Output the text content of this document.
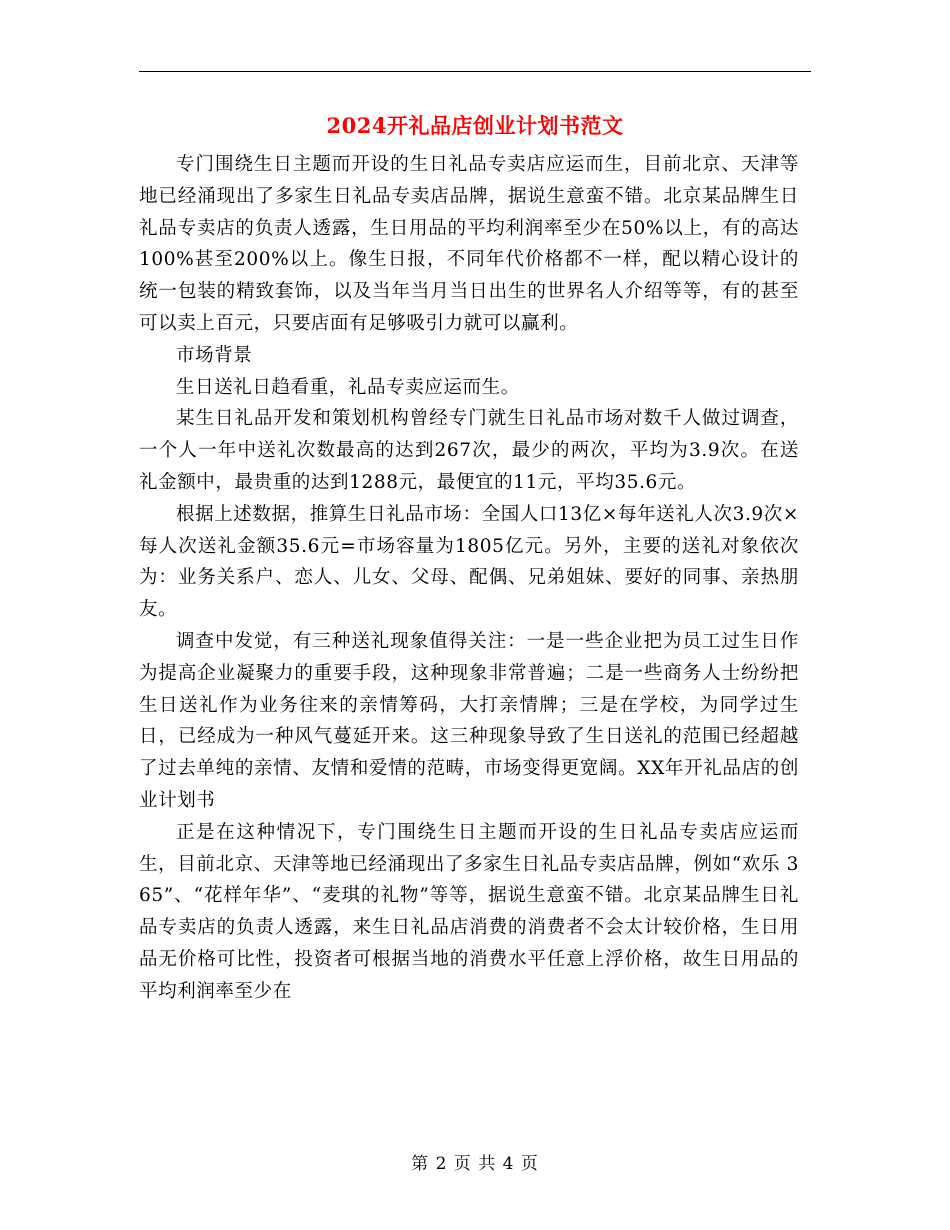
2024开礼品店创业计划书范文

专门围绕生日主题而开设的生日礼品专卖店应运而生，目前北京、天津等地已经涌现出了多家生日礼品专卖店品牌，据说生意蛮不错。北京某品牌生日礼品专卖店的负责人透露，生日用品的平均利润率至少在50%以上，有的高达100%甚至200%以上。像生日报，不同年代价格都不一样，配以精心设计的统一包装的精致套饰，以及当年当月当日出生的世界名人介绍等等，有的甚至可以卖上百元，只要店面有足够吸引力就可以赢利。

市场背景

生日送礼日趋看重，礼品专卖应运而生。

某生日礼品开发和策划机构曾经专门就生日礼品市场对数千人做过调查，一个人一年中送礼次数最高的达到267次，最少的两次，平均为3.9次。在送礼金额中，最贵重的达到1288元，最便宜的11元，平均35.6元。

根据上述数据，推算生日礼品市场：全国人口13亿×每年送礼人次3.9次×每人次送礼金额35.6元=市场容量为1805亿元。另外，主要的送礼对象依次为：业务关系户、恋人、儿女、父母、配偶、兄弟姐妹、要好的同事、亲热朋友。

调查中发觉，有三种送礼现象值得关注：一是一些企业把为员工过生日作为提高企业凝聚力的重要手段，这种现象非常普遍；二是一些商务人士纷纷把生日送礼作为业务往来的亲情筹码，大打亲情牌；三是在学校，为同学过生日，已经成为一种风气蔓延开来。这三种现象导致了生日送礼的范围已经超越了过去单纯的亲情、友情和爱情的范畴，市场变得更宽阔。XX年开礼品店的创业计划书

正是在这种情况下，专门围绕生日主题而开设的生日礼品专卖店应运而生，目前北京、天津等地已经涌现出了多家生日礼品专卖店品牌，例如“欢乐 365”、“花样年华”、“麦琪的礼物”等等，据说生意蛮不错。北京某品牌生日礼品专卖店的负责人透露，来生日礼品店消费的消费者不会太计较价格，生日用品无价格可比性，投资者可根据当地的消费水平任意上浮价格，故生日用品的平均利润率至少在

第 2 页 共 4 页
